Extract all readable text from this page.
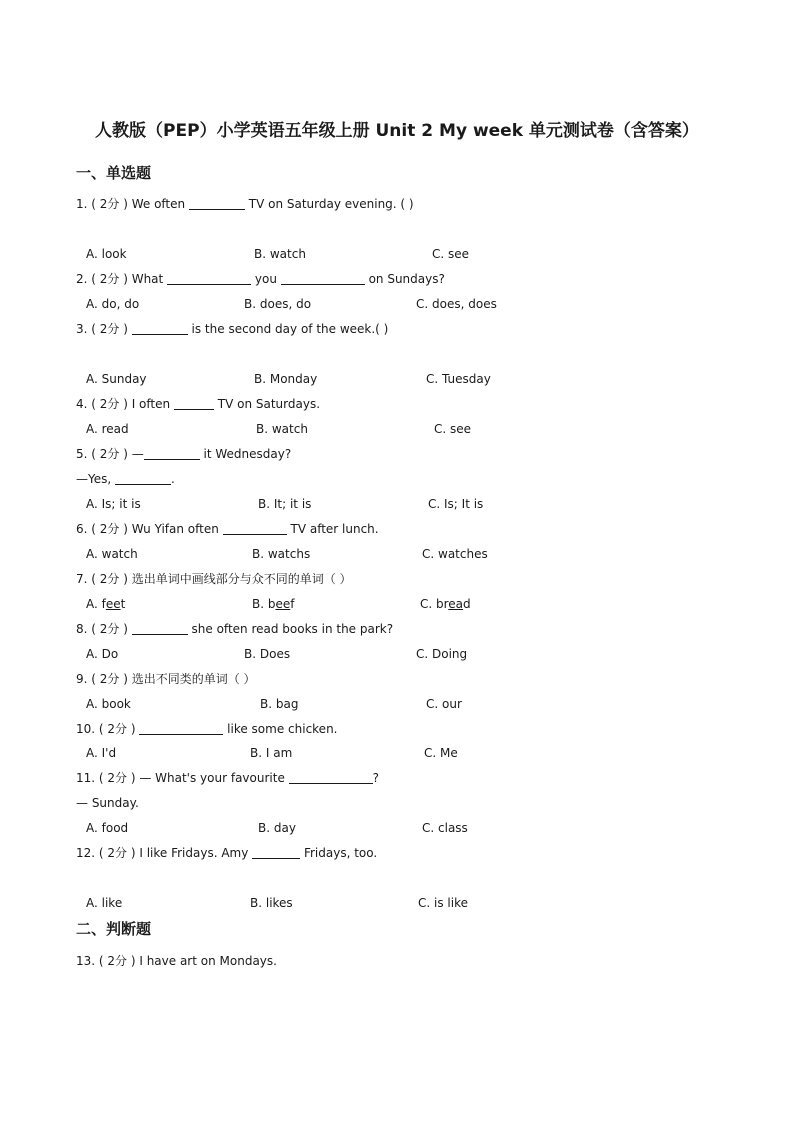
人教版（PEP）小学英语五年级上册 Unit 2 My week 单元测试卷（含答案）
一、单选题
1. ( 2分 ) We often	TV on Saturday evening. ( )
A. look	B. watch	C. see
2. ( 2分 ) What	you	on Sundays?
A. do, do	B. does, do	C. does, does
3. ( 2分 )	is the second day of the week.( )
A. Sunday	B. Monday	C. Tuesday
4. ( 2分 ) I often	TV on Saturdays.
A. read	B. watch	C. see
5. ( 2分 ) —	it Wednesday?
—Yes,	.
A. Is; it is	B. It; it is	C. Is; It is
6. ( 2分 ) Wu Yifan often	TV after lunch.
A. watch	B. watchs	C. watches
7. ( 2分 ) 选出单词中画线部分与众不同的单词（ ）
A. feet	B. beef	C. bread
8. ( 2分 )	she often read books in the park?
A. Do	B. Does	C. Doing
9. ( 2分 ) 选出不同类的单词（ ）
A. book	B. bag	C. our
10. ( 2分 )	like some chicken.
A. I'd	B. I am	C. Me
11. ( 2分 ) — What's your favourite	?
— Sunday.
A. food	B. day	C. class
12. ( 2分 ) I like Fridays. Amy	Fridays, too.
A. like	B. likes	C. is like
二、判断题
13. ( 2分 ) I have art on Mondays.
